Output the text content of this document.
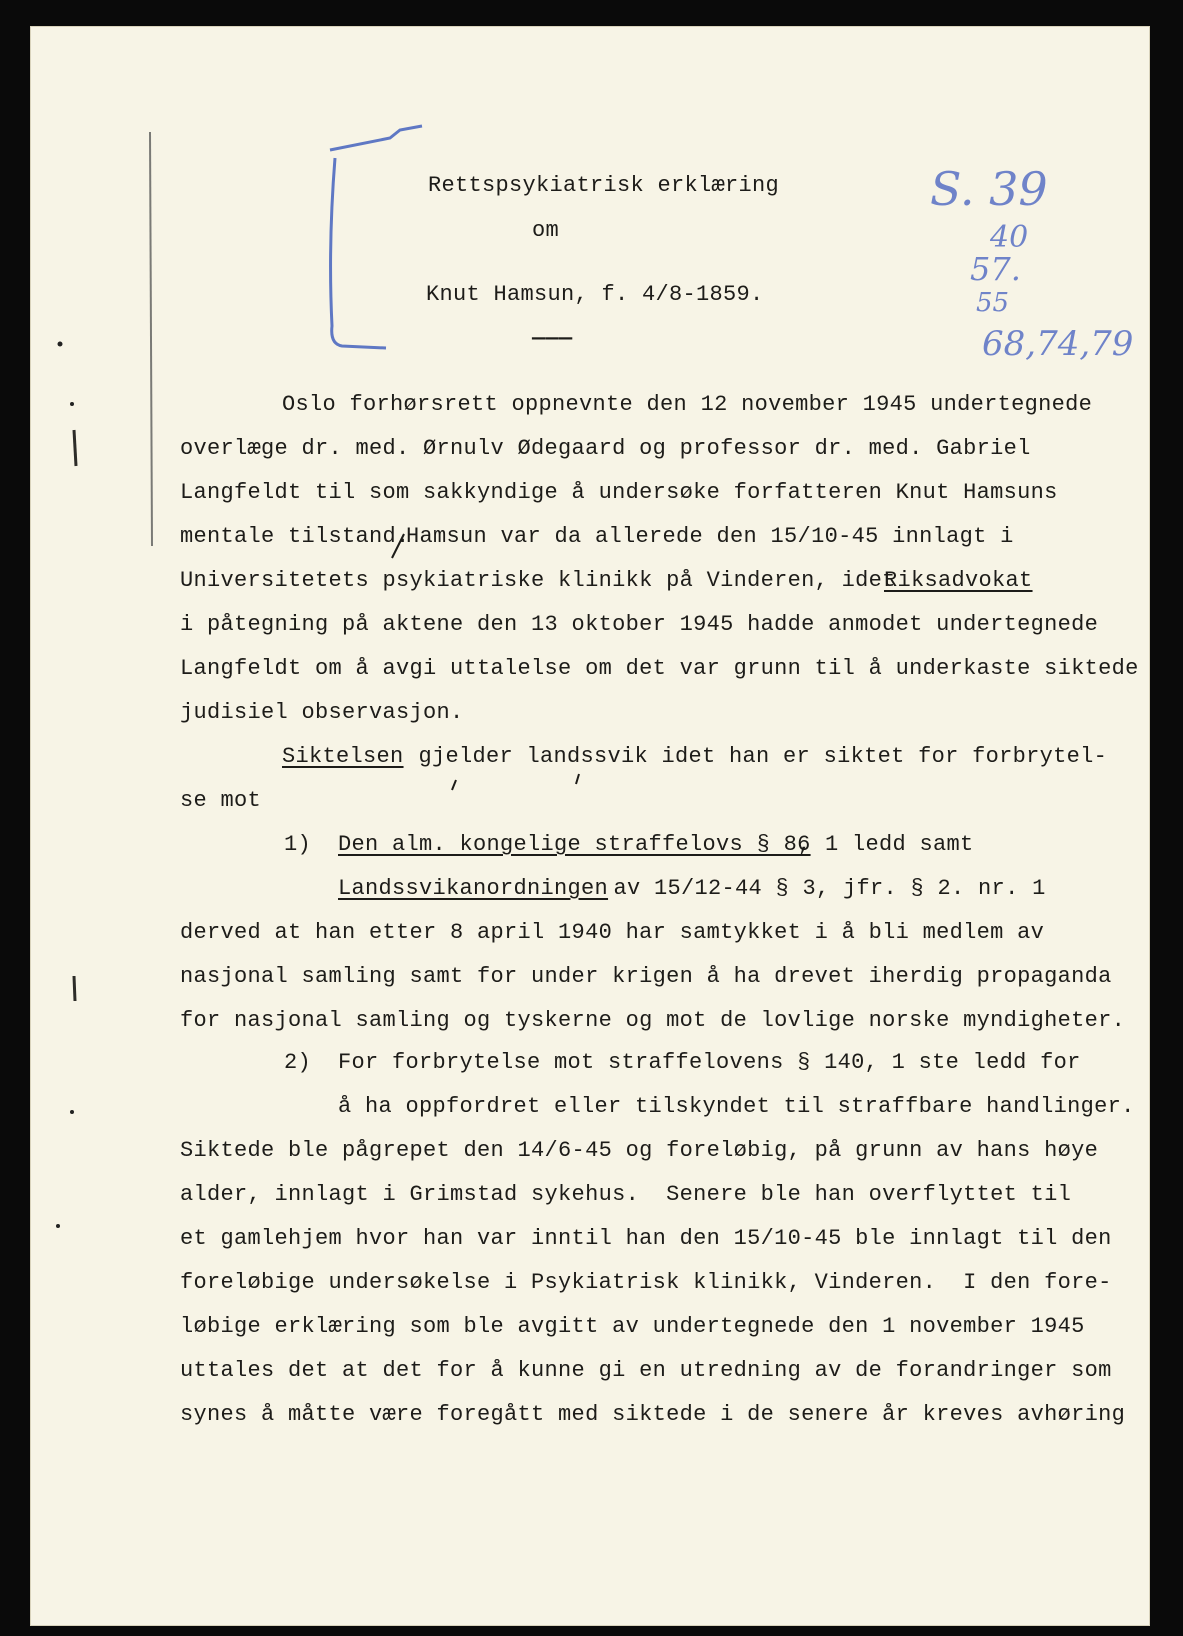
Rettspsykiatrisk erklæring
om
Knut Hamsun, f. 4/8-1859.
———
S. 39
40
57.
55
68,74,79
Oslo forhørsrett oppnevnte den 12 november 1945 undertegnede
overlæge dr. med. Ørnulv Ødegaard og professor dr. med. Gabriel
Langfeldt til som sakkyndige å undersøke forfatteren Knut Hamsuns
mentale tilstand.
Hamsun var da allerede den 15/10-45 innlagt i
Universitetets psykiatriske klinikk på Vinderen, idet
Riksadvokat
i påtegning på aktene den 13 oktober 1945 hadde anmodet undertegnede
Langfeldt om å avgi uttalelse om det var grunn til å underkaste siktede
judisiel observasjon.
Siktelsen gjelder landssvik idet han er siktet for forbrytel-
se mot
1) Den alm. kongelige straffelovs § 86
, 1 ledd samt
Landssvikanordningen
av 15/12-44 § 3, jfr. § 2. nr. 1
derved at han etter 8 april 1940 har samtykket i å bli medlem av
nasjonal samling samt for under krigen å ha drevet iherdig propaganda
for nasjonal samling og tyskerne og mot de lovlige norske myndigheter.
2) For forbrytelse mot straffelovens § 140, 1 ste ledd for
å ha oppfordret eller tilskyndet til straffbare handlinger.
Siktede ble pågrepet den 14/6-45 og foreløbig, på grunn av hans høye
alder, innlagt i Grimstad sykehus.  Senere ble han overflyttet til
et gamlehjem hvor han var inntil han den 15/10-45 ble innlagt til den
foreløbige undersøkelse i Psykiatrisk klinikk, Vinderen.  I den fore-
løbige erklæring som ble avgitt av undertegnede den 1 november 1945
uttales det at det for å kunne gi en utredning av de forandringer som
synes å måtte være foregått med siktede i de senere år kreves avhøring
